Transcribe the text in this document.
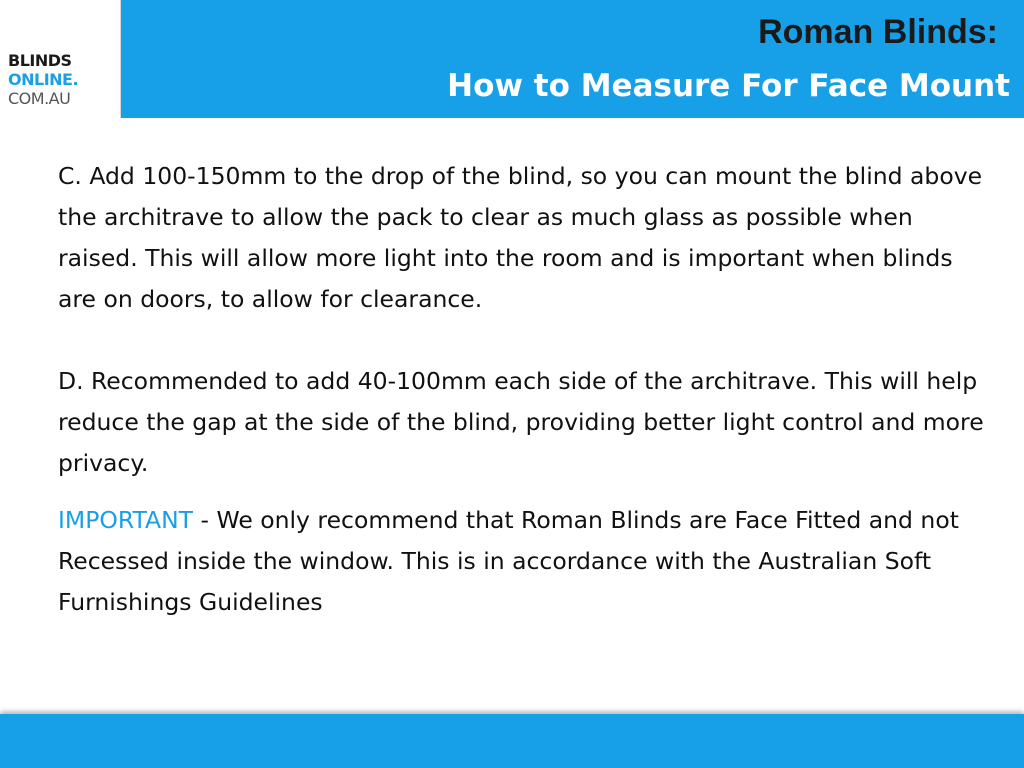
BLINDS
ONLINE.
COM.AU
Roman Blinds:
How to Measure For Face Mount

C. Add 100-150mm to the drop of the blind, so you can mount the blind above the architrave to allow the pack to clear as much glass as possible when raised. This will allow more light into the room and is important when blinds are on doors, to allow for clearance.

D. Recommended to add 40-100mm each side of the architrave. This will help reduce the gap at the side of the blind, providing better light control and more privacy.

IMPORTANT - We only recommend that Roman Blinds are Face Fitted and not Recessed inside the window. This is in accordance with the Australian Soft Furnishings Guidelines
